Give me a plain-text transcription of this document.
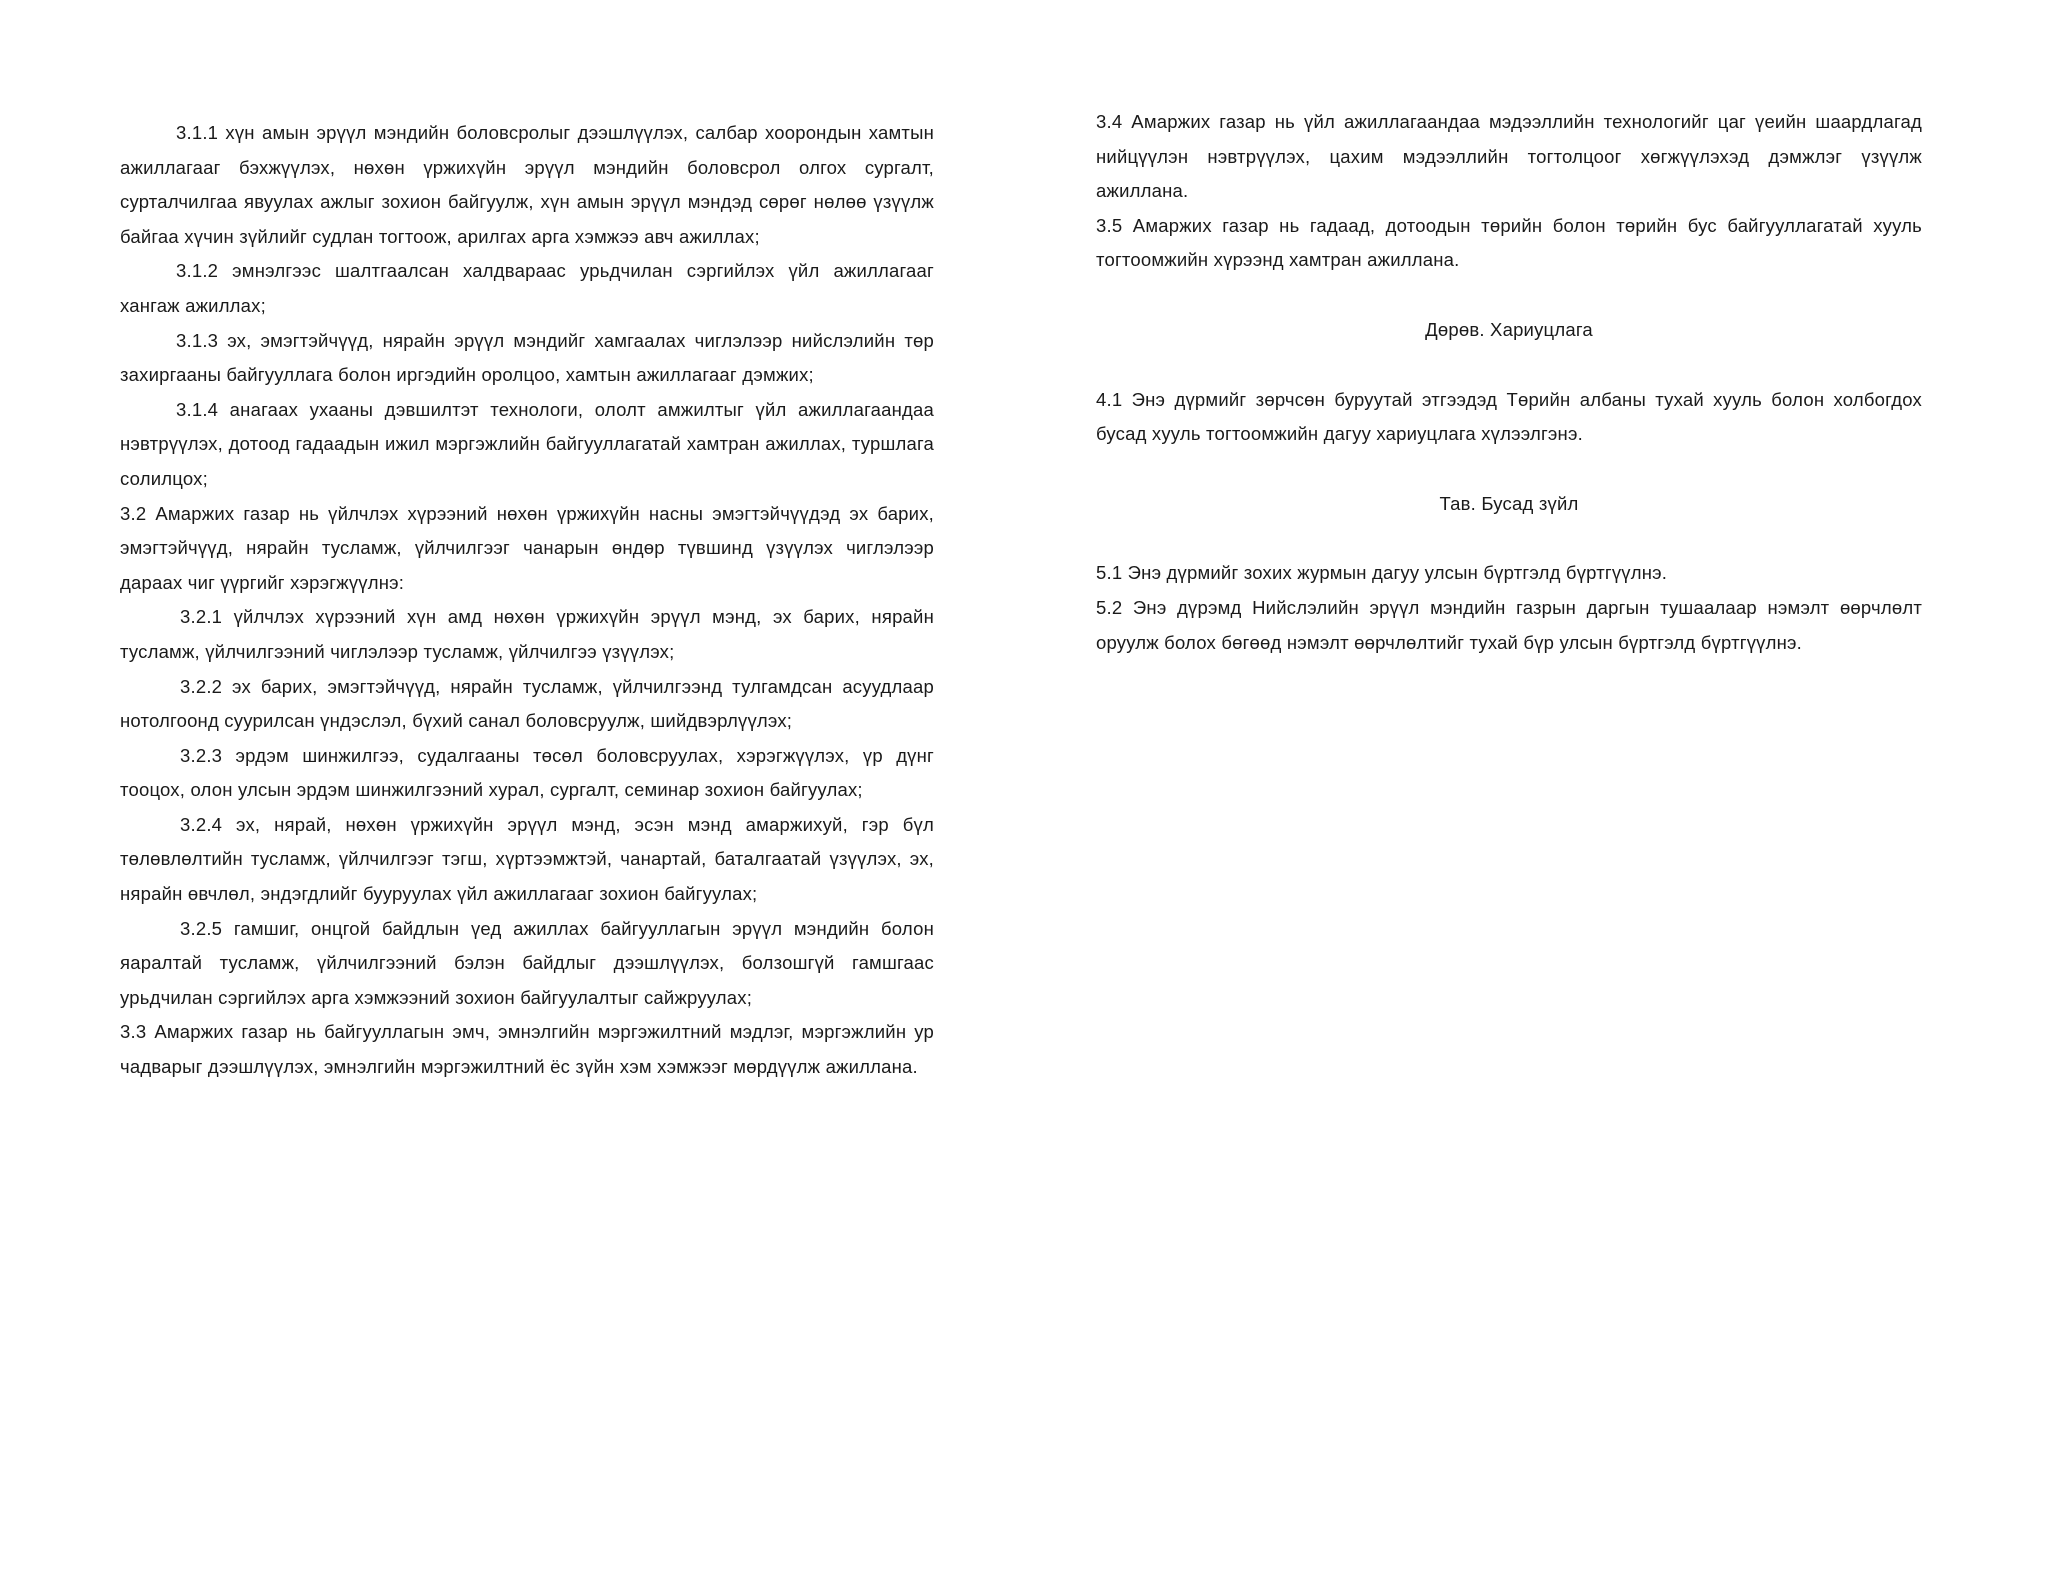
3.1.1 хүн амын эрүүл мэндийн боловсролыг дээшлүүлэх, салбар хоорондын хамтын ажиллагааг бэхжүүлэх, нөхөн үржихүйн эрүүл мэндийн боловсрол олгох сургалт, сурталчилгаа явуулах ажлыг зохион байгуулж, хүн амын эрүүл мэндэд сөрөг нөлөө үзүүлж байгаа хүчин зүйлийг судлан тогтоож, арилгах арга хэмжээ авч ажиллах;

3.1.2 эмнэлгээс шалтгаалсан халдвараас урьдчилан сэргийлэх үйл ажиллагааг хангаж ажиллах;

3.1.3 эх, эмэгтэйчүүд, нярайн эрүүл мэндийг хамгаалах чиглэлээр нийслэлийн төр захиргааны байгууллага болон иргэдийн оролцоо, хамтын ажиллагааг дэмжих;

3.1.4 анагаах ухааны дэвшилтэт технологи, ололт амжилтыг үйл ажиллагаандаа нэвтрүүлэх, дотоод гадаадын ижил мэргэжлийн байгууллагатай хамтран ажиллах, туршлага солилцох;

3.2 Амаржих газар нь үйлчлэх хүрээний нөхөн үржихүйн насны эмэгтэйчүүдэд эх барих, эмэгтэйчүүд, нярайн тусламж, үйлчилгээг чанарын өндөр түвшинд үзүүлэх чиглэлээр дараах чиг үүргийг хэрэгжүүлнэ:

3.2.1 үйлчлэх хүрээний хүн амд нөхөн үржихүйн эрүүл мэнд, эх барих, нярайн тусламж, үйлчилгээний чиглэлээр тусламж, үйлчилгээ үзүүлэх;

3.2.2 эх барих, эмэгтэйчүүд, нярайн тусламж, үйлчилгээнд тулгамдсан асуудлаар нотолгоонд суурилсан үндэслэл, бүхий санал боловсруулж, шийдвэрлүүлэх;

3.2.3 эрдэм шинжилгээ, судалгааны төсөл боловсруулах, хэрэгжүүлэх, үр дүнг тооцох, олон улсын эрдэм шинжилгээний хурал, сургалт, семинар зохион байгуулах;

3.2.4 эх, нярай, нөхөн үржихүйн эрүүл мэнд, эсэн мэнд амаржихуй, гэр бүл төлөвлөлтийн тусламж, үйлчилгээг тэгш, хүртээмжтэй, чанартай, баталгаатай үзүүлэх, эх, нярайн өвчлөл, эндэгдлийг бууруулах үйл ажиллагааг зохион байгуулах;

3.2.5 гамшиг, онцгой байдлын үед ажиллах байгууллагын эрүүл мэндийн болон яаралтай тусламж, үйлчилгээний бэлэн байдлыг дээшлүүлэх, болзошгүй гамшгаас урьдчилан сэргийлэх арга хэмжээний зохион байгуулалтыг сайжруулах;

3.3 Амаржих газар нь байгууллагын эмч, эмнэлгийн мэргэжилтний мэдлэг, мэргэжлийн ур чадварыг дээшлүүлэх, эмнэлгийн мэргэжилтний ёс зүйн хэм хэмжээг мөрдүүлж ажиллана.

3.4 Амаржих газар нь үйл ажиллагаандаа мэдээллийн технологийг цаг үеийн шаардлагад нийцүүлэн нэвтрүүлэх, цахим мэдээллийн тогтолцоог хөгжүүлэхэд дэмжлэг үзүүлж ажиллана.

3.5 Амаржих газар нь гадаад, дотоодын төрийн болон төрийн бус байгууллагатай хууль тогтоомжийн хүрээнд хамтран ажиллана.

Дөрөв. Хариуцлага

4.1 Энэ дүрмийг зөрчсөн буруутай этгээдэд Төрийн албаны тухай хууль болон холбогдох бусад хууль тогтоомжийн дагуу хариуцлага хүлээлгэнэ.

Тав. Бусад зүйл

5.1 Энэ дүрмийг зохих журмын дагуу улсын бүртгэлд бүртгүүлнэ.

5.2 Энэ дүрэмд Нийслэлийн эрүүл мэндийн газрын даргын тушаалаар нэмэлт өөрчлөлт оруулж болох бөгөөд нэмэлт өөрчлөлтийг тухай бүр улсын бүртгэлд бүртгүүлнэ.
